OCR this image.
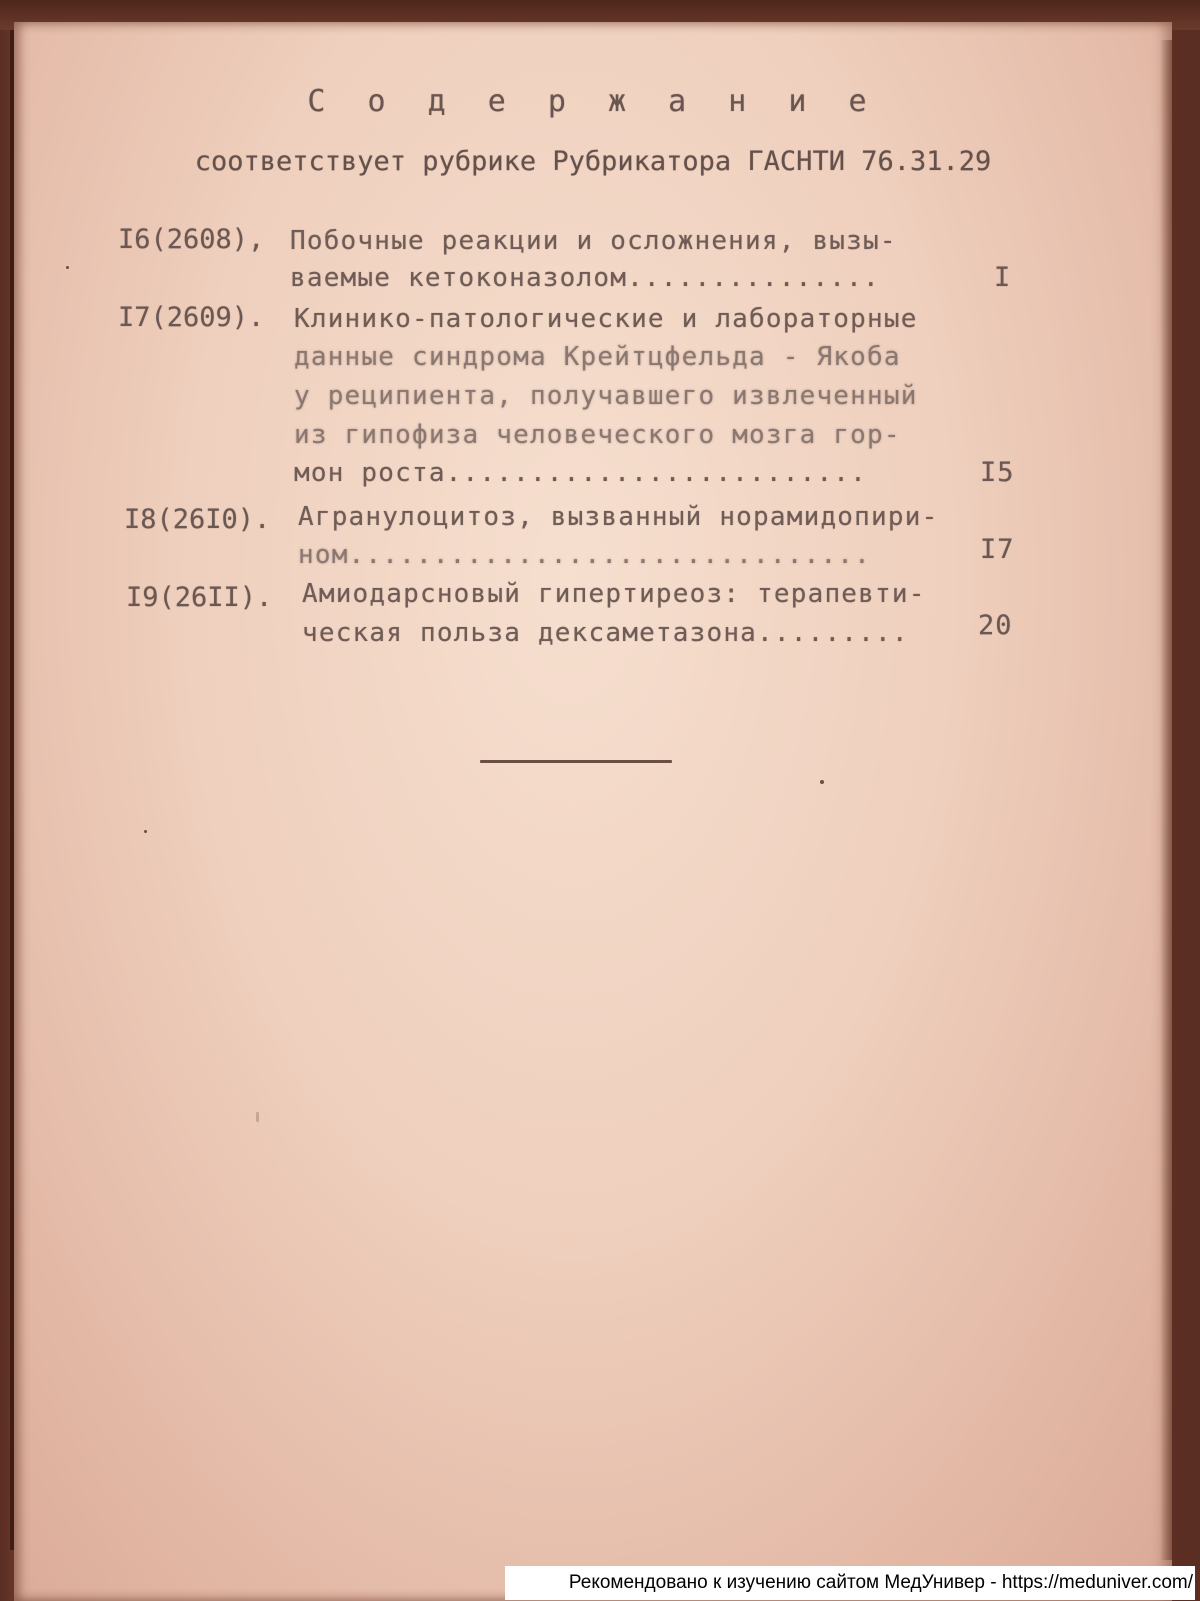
С о д е р ж а н и е
соответствует рубрике Рубрикатора ГАСНТИ 76.31.29
I6(2608), Побочные реакции и осложнения, вызы-
ваемые кетоконазолом...............	I
I7(2609). Клинико-патологические и лабораторные
данные синдрома Крейтцфельда - Якоба
у реципиента, получавшего извлеченный
из гипофиза человеческого мозга гор-
мон роста.........................	I5
I8(26I0). Агранулоцитоз, вызванный норамидопири-
ном...............................	I7
I9(26II). Амиодарсновый гипертиреоз: терапевти-
ческая польза дексаметазона.........	20
Рекомендовано к изучению сайтом МедУнивер - https://meduniver.com/
